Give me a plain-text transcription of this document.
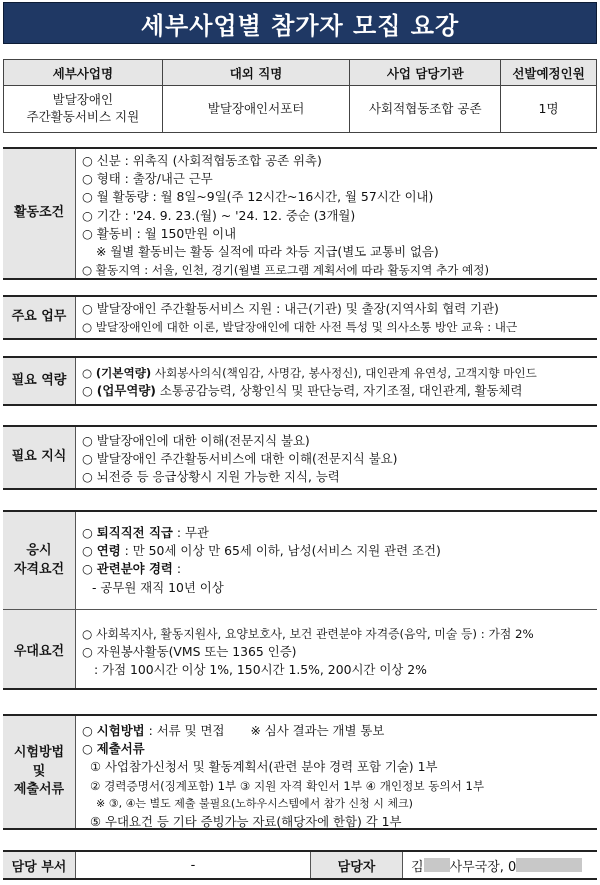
세부사업별 참가자 모집 요강
세부사업명	대외 직명	사업 담당기관	선발예정인원

발달장애인
주간활동서비스 지원	발달장애인서포터	사회적협동조합 공존	1명
활동조건
○ 신분 : 위촉직 (사회적협동조합 공존 위촉)
○ 형태 : 출장/내근 근무
○ 월 활동량 : 월 8일~9일(주 12시간~16시간, 월 57시간 이내)
○ 기간 : '24. 9. 23.(월) ~ '24. 12. 중순 (3개월)
○ 활동비 : 월 150만원 이내
※ 월별 활동비는 활동 실적에 따라 차등 지급(별도 교통비 없음)
○ 활동지역 : 서울, 인천, 경기(월별 프로그램 계획서에 따라 활동지역 추가 예정)
주요 업무
○ 발달장애인 주간활동서비스 지원 : 내근(기관) 및 출장(지역사회 협력 기관)
○ 발달장애인에 대한 이론, 발달장애인에 대한 사전 특성 및 의사소통 방안 교육 : 내근
필요 역량	○ (기본역량) 사회봉사의식(책임감, 사명감, 봉사정신), 대인관계 유연성, 고객지향 마인드
○ (업무역량) 소통공감능력, 상황인식 및 판단능력, 자기조절, 대인관계, 활동체력
필요 지식
○ 발달장애인에 대한 이해(전문지식 불요)
○ 발달장애인 주간활동서비스에 대한 이해(전문지식 불요)
○ 뇌전증 등 응급상황시 지원 가능한 지식, 능력
응시
자격요건
○ 퇴직직전 직급 : 무관
○ 연령 : 만 50세 이상 만 65세 이하, 남성(서비스 지원 관련 조건)
○ 관련분야 경력 :
- 공무원 재직 10년 이상
우대요건
○ 사회복지사, 활동지원사, 요양보호사, 보건 관련분야 자격증(음악, 미술 등) : 가점 2%
○ 자원봉사활동(VMS 또는 1365 인증)
: 가점 100시간 이상 1%, 150시간 1.5%, 200시간 이상 2%
시험방법
및
제출서류
○ 시험방법 : 서류 및 면접 ※ 심사 결과는 개별 통보
○ 제출서류
① 사업참가신청서 및 활동계획서(관련 분야 경력 포함 기술) 1부
② 경력증명서(징계포함) 1부 ③ 지원 자격 확인서 1부 ④ 개인정보 동의서 1부
※ ③, ④는 별도 제출 불필요(노하우시스템에서 참가 신청 시 체크)
⑤ 우대요건 등 기타 증빙가능 자료(해당자에 한함) 각 1부
담당 부서	-	담당자	김 사무국장, 0
